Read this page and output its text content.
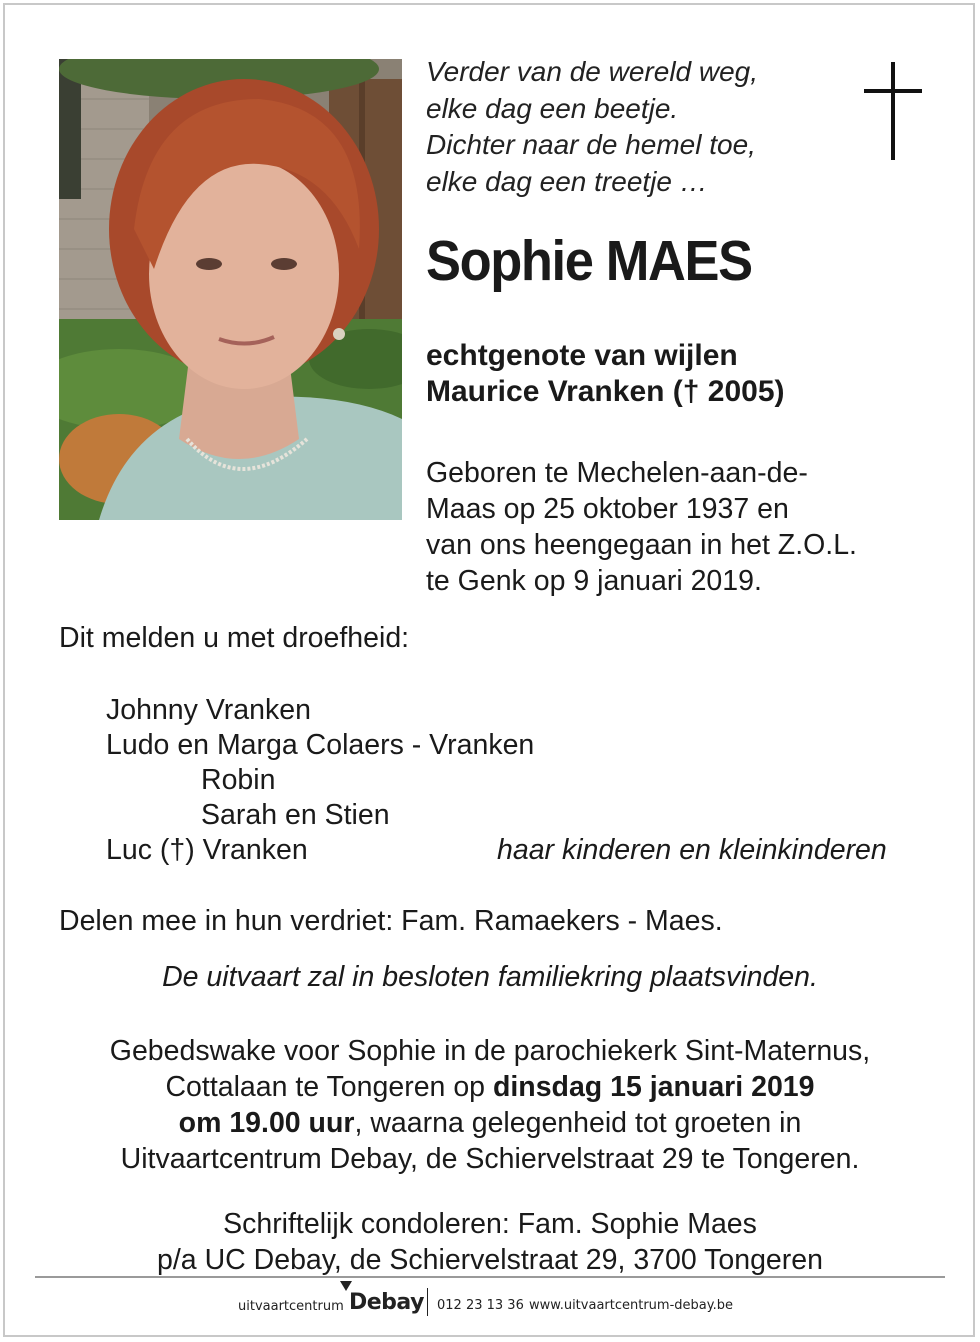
Verder van de wereld weg,
elke dag een beetje.
Dichter naar de hemel toe,
elke dag een treetje …
Sophie MAES
echtgenote van wijlen
Maurice Vranken († 2005)
Geboren te Mechelen-aan-de-
Maas op 25 oktober 1937 en
van ons heengegaan in het Z.O.L.
te Genk op 9 januari 2019.
Dit melden u met droefheid:
Johnny Vranken
Ludo en Marga Colaers - Vranken
Robin
Sarah en Stien
Luc (†) Vranken	haar kinderen en kleinkinderen
Delen mee in hun verdriet: Fam. Ramaekers - Maes.
De uitvaart zal in besloten familiekring plaatsvinden.
Gebedswake voor Sophie in de parochiekerk Sint-Maternus,
Cottalaan te Tongeren op dinsdag 15 januari 2019
om 19.00 uur, waarna gelegenheid tot groeten in
Uitvaartcentrum Debay, de Schiervelstraat 29 te Tongeren.
Schriftelijk condoleren: Fam. Sophie Maes
p/a UC Debay, de Schiervelstraat 29, 3700 Tongeren
uitvaartcentrum Debay 012 23 13 36 www.uitvaartcentrum-debay.be
